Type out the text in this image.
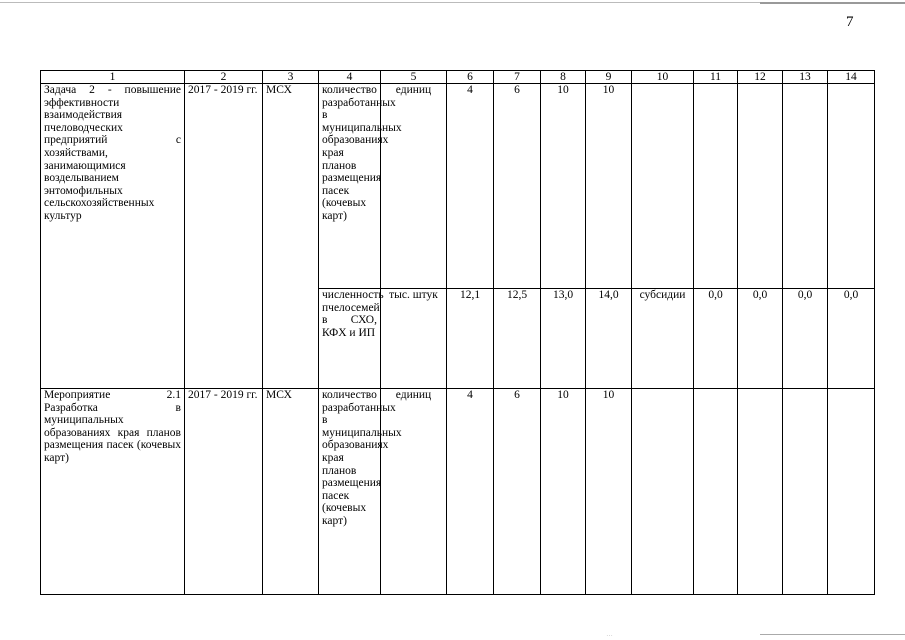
7
1	2	3	4	5	6	7	8	9	10	11	12	13	14
Задача 2 - повышение эффективности взаимодействия пчеловодческих предприятий с хозяйствами, занимающимися возделыванием энтомофильных сельскохозяйственных культур	2017 - 2019 гг.	МСХ	количество разработанных в муниципальных образованиях края планов размещения пасек (кочевых карт)	единиц	4	6	10	10					
			численность пчелосемей в СХО, КФХ и ИП	тыс. штук	12,1	12,5	13,0	14,0	субсидии	0,0	0,0	0,0	0,0
Мероприятие 2.1 Разработка в муниципальных образованиях края планов размещения пасек (кочевых карт)	2017 - 2019 гг.	МСХ	количество разработанных в муниципальных образованиях края планов размещения пасек (кочевых карт)	единиц	4	6	10	10					
…
